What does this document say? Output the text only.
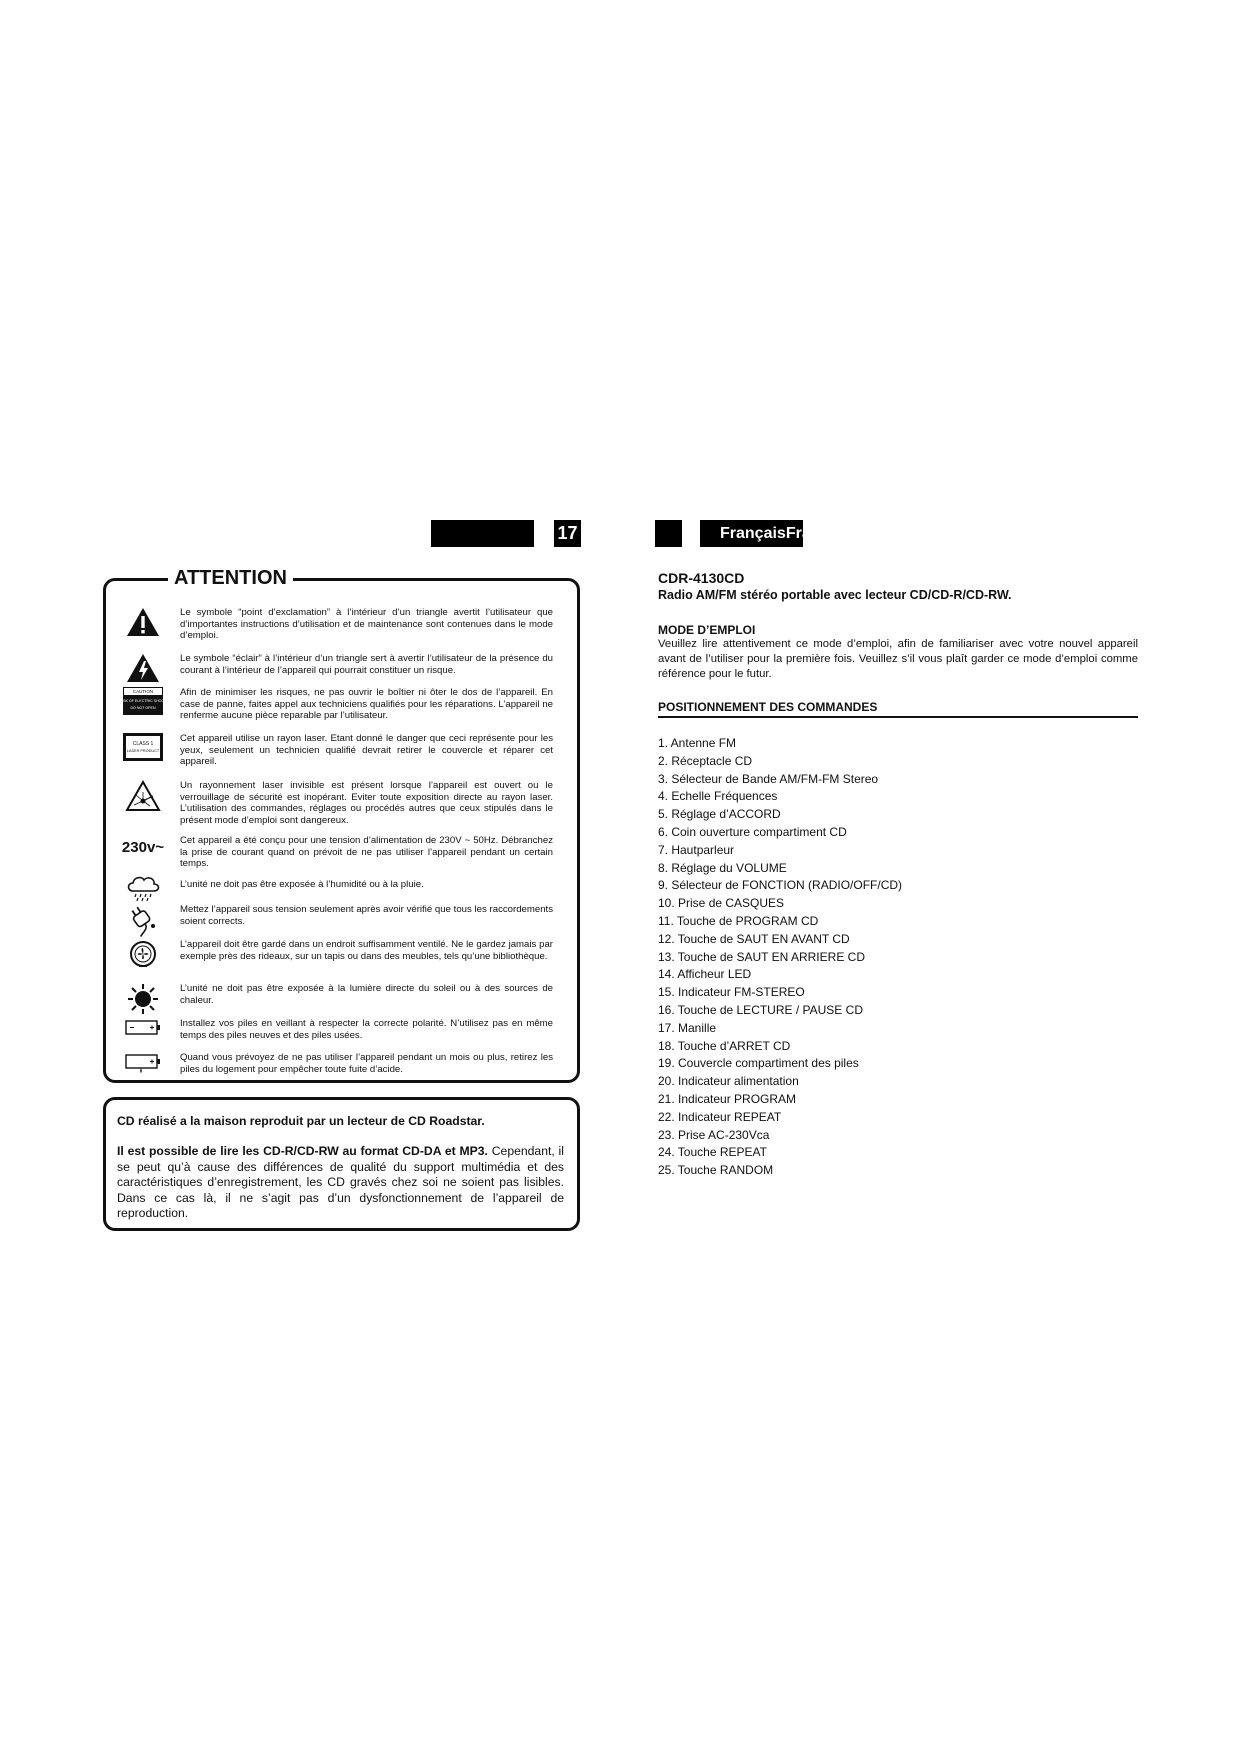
17	FrançaisFra
ATTENTION
Le symbole “point d’exclamation” à l’intérieur d’un triangle avertit l’utilisateur que d’importantes instructions d’utilisation et de maintenance sont contenues dans le mode d’emploi.
Le symbole “éclair” à l’intérieur d’un triangle sert à avertir l’utilisateur de la présence du courant à l’intérieur de l’appareil qui pourrait constituer un risque.
CAUTION
RISK OF ELECTRIC SHOCK
DO NOT OPEN
Afin de minimiser les risques, ne pas ouvrir le boîtier ni ôter le dos de l’appareil. En case de panne, faites appel aux techniciens qualifiés pour les réparations. L’appareil ne renferme aucune pièce reparable par l’utilisateur.
CLASS 1
LASER PRODUCT
Cet appareil utilise un rayon laser. Etant donné le danger que ceci représente pour les yeux, seulement un technicien qualifié devrait retirer le couvercle et réparer cet appareil.
Un rayonnement laser invisible est présent lorsque l’appareil est ouvert ou le verrouillage de sécurité est inopérant. Eviter toute exposition directe au rayon laser. L’utilisation des commandes, réglages ou procédés autres que ceux stipulés dans le présent mode d’emploi sont dangereux.
230v~ Cet appareil a été conçu pour une tension d’alimentation de 230V ~ 50Hz. Débranchez la prise de courant quand on prévoit de ne pas utiliser l’appareil pendant un certain temps.
L’unité ne doit pas être exposée à l’humidité ou à la pluie.
Mettez l’appareil sous tension seulement après avoir vérifié que tous les raccordements soient corrects.
L’appareil doit être gardé dans un endroit suffisamment ventilé. Ne le gardez jamais par exemple près des rideaux, sur un tapis ou dans des meubles, tels qu’une bibliothèque.
L’unité ne doit pas être exposée à la lumière directe du soleil ou à des sources de chaleur.
Installez vos piles en veillant à respecter la correcte polarité. N’utilisez pas en même temps des piles neuves et des piles usées.
Quand vous prévoyez de ne pas utiliser l’appareil pendant un mois ou plus, retirez les piles du logement pour empêcher toute fuite d’acide.

CD réalisé a la maison reproduit par un lecteur de CD Roadstar.

Il est possible de lire les CD-R/CD-RW au format CD-DA et MP3. Cependant, il se peut qu’à cause des différences de qualité du support multimédia et des caractéristiques d’enregistrement, les CD gravés chez soi ne soient pas lisibles. Dans ce cas là, il ne s’agit pas d’un dysfonctionnement de l’appareil de reproduction.

CDR-4130CD
Radio AM/FM stéréo portable avec lecteur CD/CD-R/CD-RW.
MODE D’EMPLOI
Veuillez lire attentivement ce mode d’emploi, afin de familiariser avec votre nouvel appareil avant de l’utiliser pour la première fois. Veuillez s’il vous plaît garder ce mode d’emploi comme référence pour le futur.
POSITIONNEMENT DES COMMANDES
1. Antenne FM
2. Réceptacle CD
3. Sélecteur de Bande AM/FM-FM Stereo
4. Echelle Fréquences
5. Réglage d’ACCORD
6. Coin ouverture compartiment CD
7. Hautparleur
8. Réglage du VOLUME
9. Sélecteur de FONCTION (RADIO/OFF/CD)
10. Prise de CASQUES
11. Touche de PROGRAM CD
12. Touche de SAUT EN AVANT CD
13. Touche de SAUT EN ARRIERE CD
14. Afficheur LED
15. Indicateur FM-STEREO
16. Touche de LECTURE / PAUSE CD
17. Manille
18. Touche d’ARRET CD
19. Couvercle compartiment des piles
20. Indicateur alimentation
21. Indicateur PROGRAM
22. Indicateur REPEAT
23. Prise AC-230Vca
24. Touche REPEAT
25. Touche RANDOM
